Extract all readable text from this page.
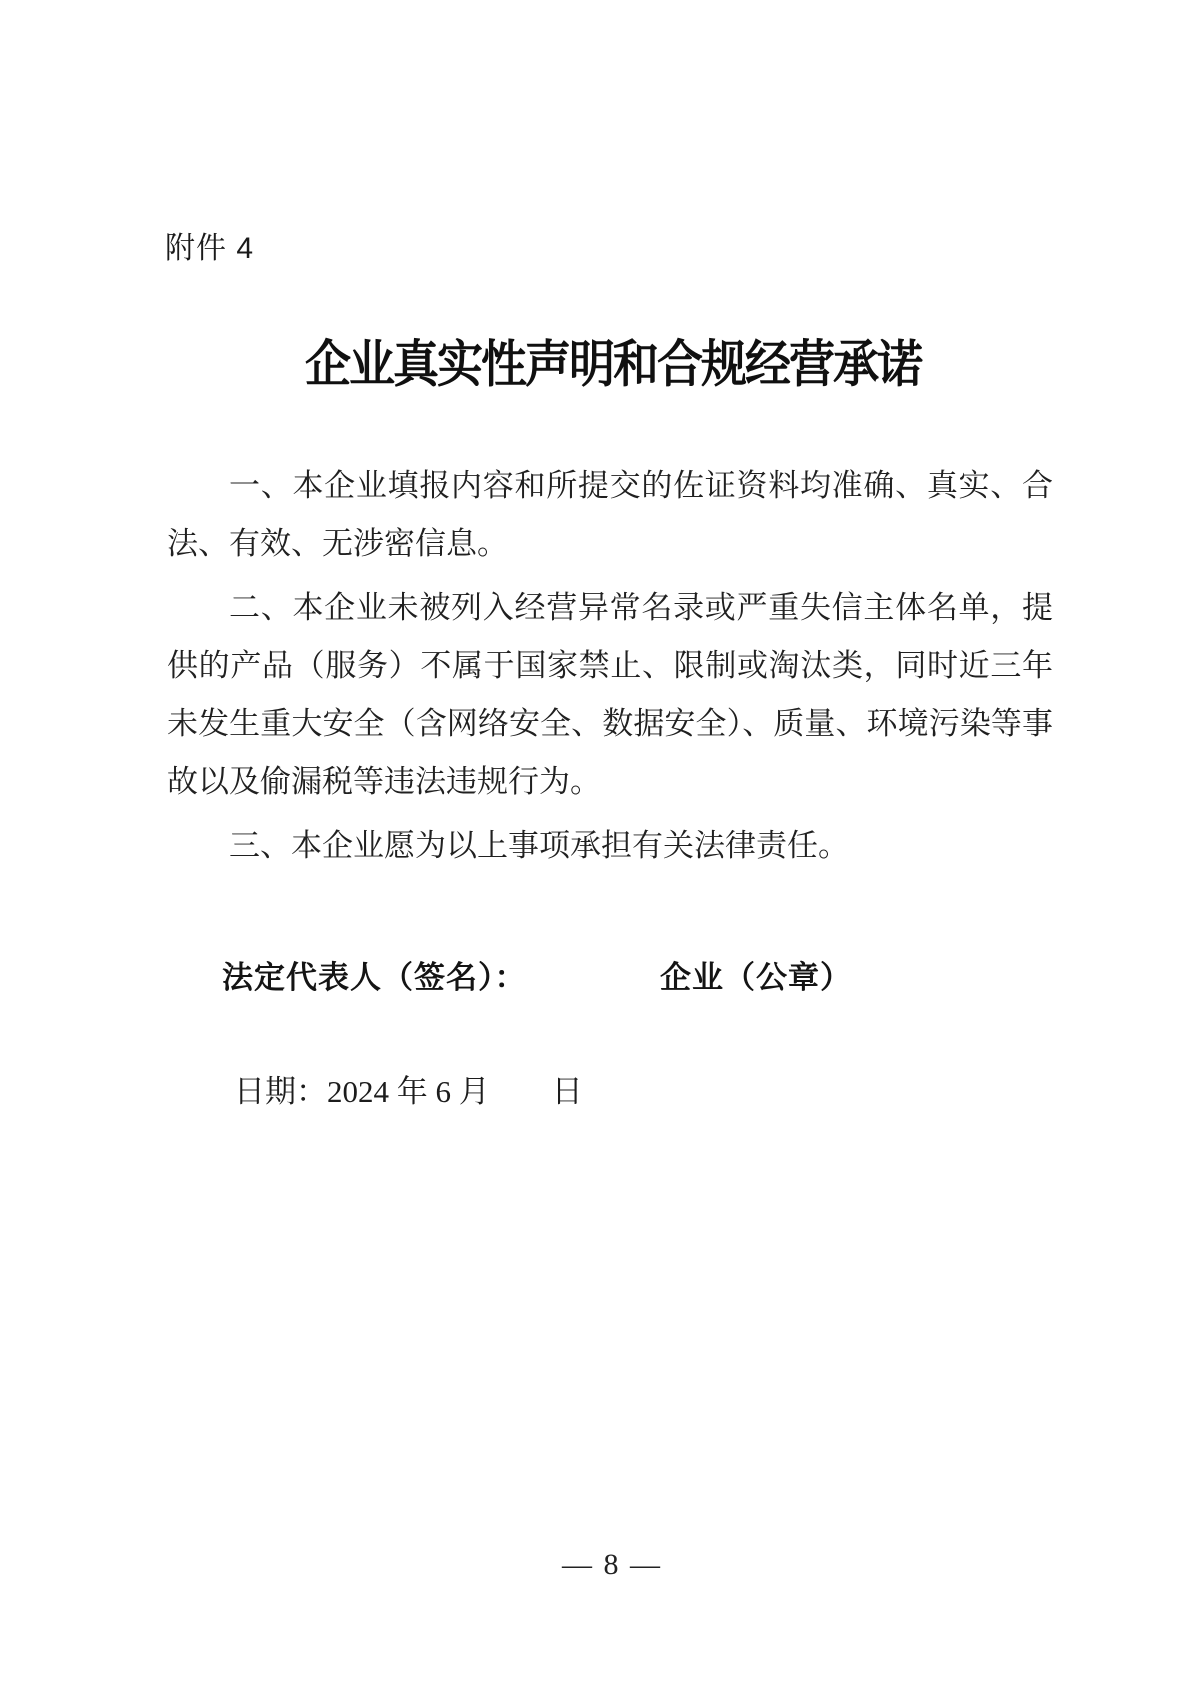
附件 4
企业真实性声明和合规经营承诺

一、本企业填报内容和所提交的佐证资料均准确、真实、合法、有效、无涉密信息。

二、本企业未被列入经营异常名录或严重失信主体名单，提供的产品（服务）不属于国家禁止、限制或淘汰类，同时近三年未发生重大安全（含网络安全、数据安全）、质量、环境污染等事故以及偷漏税等违法违规行为。

三、本企业愿为以上事项承担有关法律责任。

法定代表人（签名）：	企业（公章）
日期：2024 年 6 月 日
— 8 —
